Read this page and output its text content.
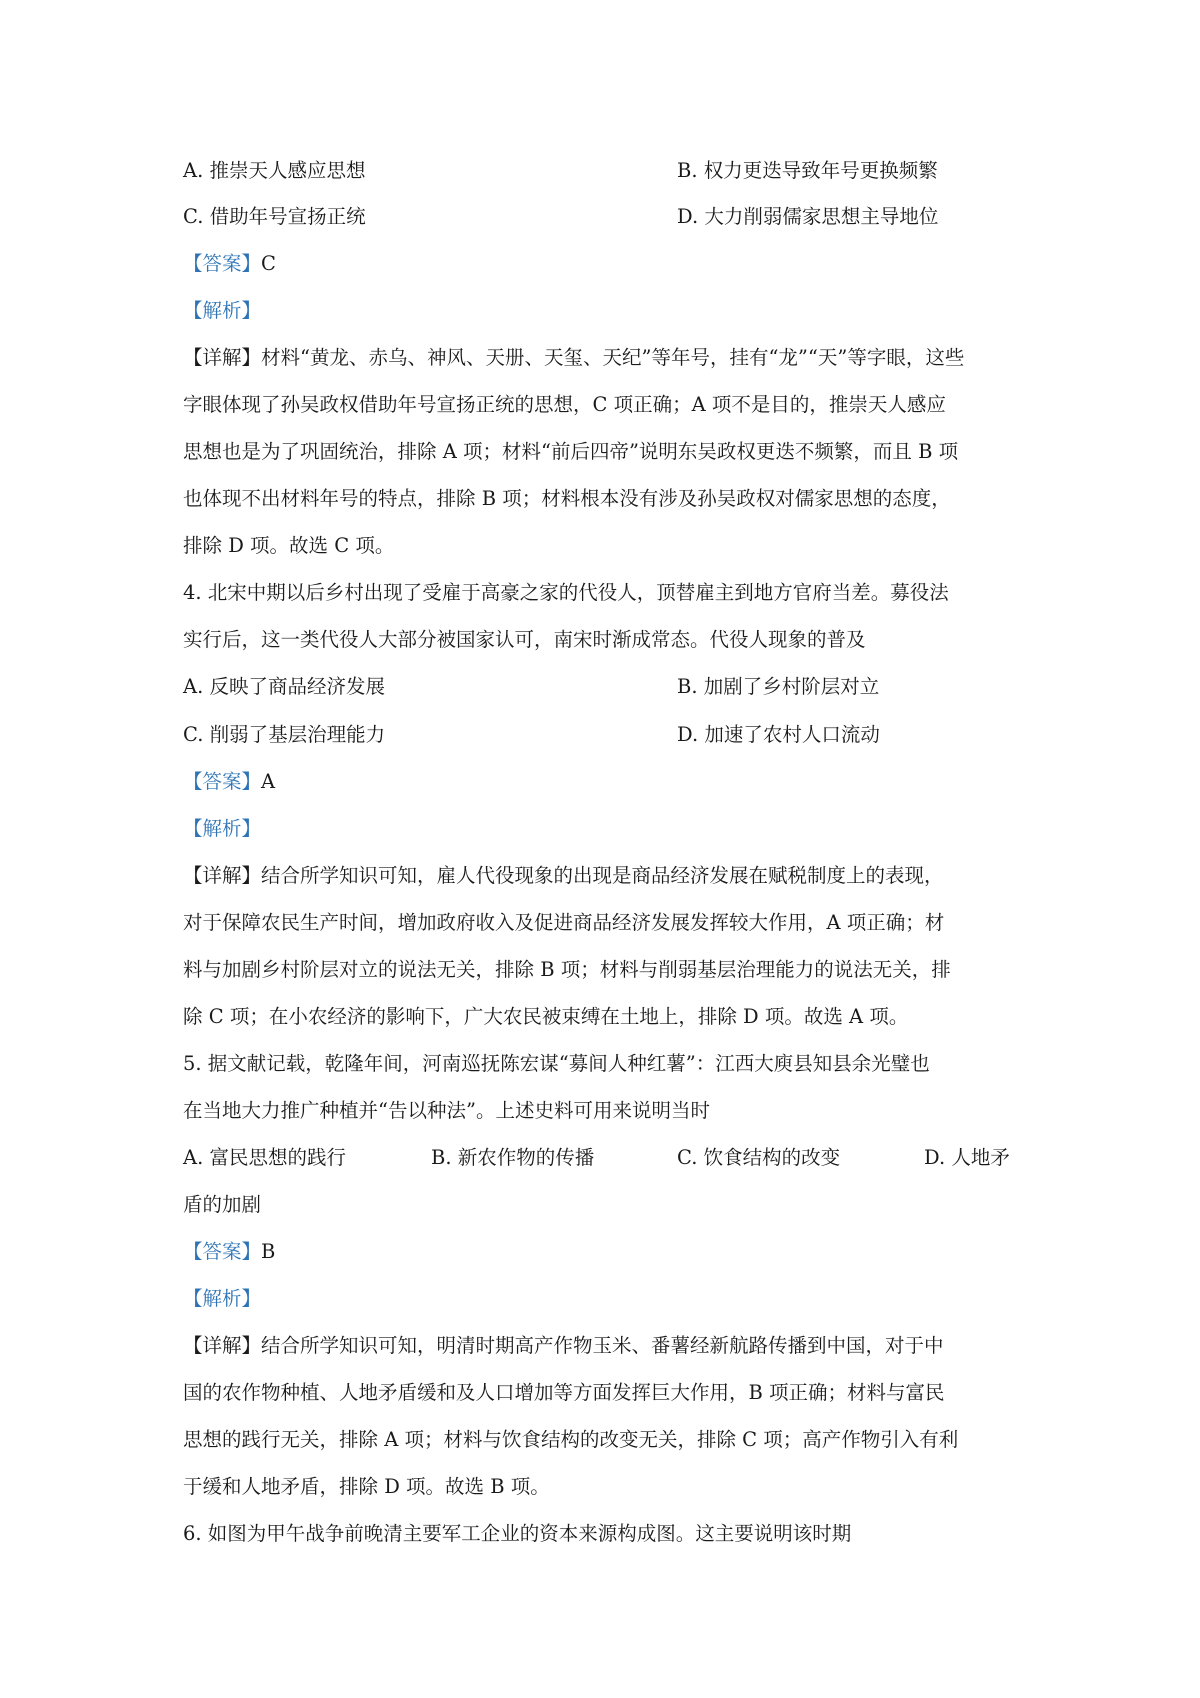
A. 推崇天人感应思想	B. 权力更迭导致年号更换频繁
C. 借助年号宣扬正统	D. 大力削弱儒家思想主导地位
【答案】C
【解析】
【详解】材料“黄龙、赤乌、神风、天册、天玺、天纪”等年号，挂有“龙”“天”等字眼，这些
字眼体现了孙吴政权借助年号宣扬正统的思想，C 项正确；A 项不是目的，推崇天人感应
思想也是为了巩固统治，排除 A 项；材料“前后四帝”说明东吴政权更迭不频繁，而且 B 项
也体现不出材料年号的特点，排除 B 项；材料根本没有涉及孙吴政权对儒家思想的态度，
排除 D 项。故选 C 项。
4. 北宋中期以后乡村出现了受雇于高豪之家的代役人，顶替雇主到地方官府当差。募役法
实行后，这一类代役人大部分被国家认可，南宋时渐成常态。代役人现象的普及
A. 反映了商品经济发展	B. 加剧了乡村阶层对立
C. 削弱了基层治理能力	D. 加速了农村人口流动
【答案】A
【解析】
【详解】结合所学知识可知，雇人代役现象的出现是商品经济发展在赋税制度上的表现，
对于保障农民生产时间，增加政府收入及促进商品经济发展发挥较大作用，A 项正确；材
料与加剧乡村阶层对立的说法无关，排除 B 项；材料与削弱基层治理能力的说法无关，排
除 C 项；在小农经济的影响下，广大农民被束缚在土地上，排除 D 项。故选 A 项。
5. 据文献记载，乾隆年间，河南巡抚陈宏谋“募间人种红薯”：江西大庾县知县余光璧也
在当地大力推广种植并“告以种法”。上述史料可用来说明当时
A. 富民思想的践行	B. 新农作物的传播	C. 饮食结构的改变	D. 人地矛
盾的加剧
【答案】B
【解析】
【详解】结合所学知识可知，明清时期高产作物玉米、番薯经新航路传播到中国，对于中
国的农作物种植、人地矛盾缓和及人口增加等方面发挥巨大作用，B 项正确；材料与富民
思想的践行无关，排除 A 项；材料与饮食结构的改变无关，排除 C 项；高产作物引入有利
于缓和人地矛盾，排除 D 项。故选 B 项。
6. 如图为甲午战争前晚清主要军工企业的资本来源构成图。这主要说明该时期
